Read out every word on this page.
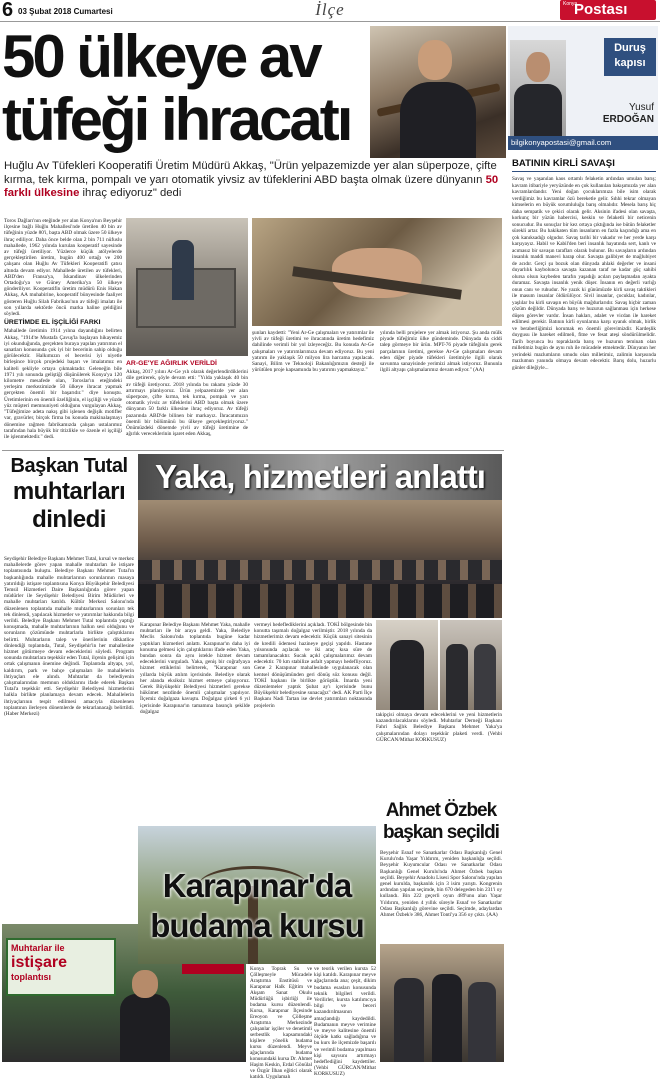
6 03 Şubat 2018 Cumartesi	İlçe	Konya
Postası
50 ülkeye av
tüfeği ihracatı
Huğlu Av Tüfekleri Kooperatifi Üretim Müdürü Akkaş, "Ürün yelpazemizde yer alan süperpoze, çifte kırma, tek kırma, pompalı ve yarı otomatik yivsiz av tüfeklerini ABD başta olmak üzere dünyanın 50 farklı ülkesine ihraç ediyoruz" dedi

Toros Dağları'nın eteğinde yer alan Konya'nın Beyşehir ilçesine bağlı Huğlu Mahallesi'nde üretilen 40 bin av tüfeğinin yüzde 80'i, başta ABD olmak üzere 50 ülkeye ihraç ediliyor. Daha önce belde olan 2 bin 711 nüfuslu mahallede, 1962 yılında kurulan kooperatif sayesinde av tüfeği üretiliyor. Yüzlerce küçük atölyelerde gerçekleştirilen üretim, bugün 400 ortağı ve 200 çalışanı olan Huğlu Av Tüfekleri Kooperatifi çatısı altında devam ediyor. Mahallede üretilen av tüfekleri, ABD'den Fransa'ya, İskandinav ülkelerinden Ortadoğu'ya ve Güney Amerika'ya 50 ülkeye gönderiliyor. Kooperatifin üretim müdürü Enis Hakan Akkaş, AA muhabirine, kooperatif bünyesinde faaliyet gösteren Huğlu Silah Fabrikası'nın av tüfeği imalatı ile son yıllarda sektörde öncü marka haline geldiğini söyledi.

ÜRETİMDE EL İŞÇİLİĞİ FARKI

Mahallede üretimin 1914 yılına dayandığını belirten Akkaş, "1914'te Mustafa Çavuş'la başlayan hikayemiz iyi okunduğunda, gerçekten buraya yapılan yatırımın el sanatları konusunda çok iyi bir becerinin sahip olduğu görülecektir. Halkımızın el becerisi iyi niyetle birleşince birçok projedeki başarı ve imalatımız en kaliteli şekliyle ortaya çıkmaktadır. Geleneğin bile 1971 yılı sonunda geliştiği düşünülerek Konya'ya 120 kilometre mesafede olan, Toroslar'ın eteğindeki yerleşim merkezimizde 50 ülkeye ihracat yapmak gerçekten önemli bir başarıdır." diye konuştu. Üretimlerinin en önemli özelliğinin, el işçiliği ve yüzde yüz müşteri memnuniyeti olduğunu vurgulayan Akkaş, "Tüfeğimize adeta nakış gibi işlenen değişik motifler var, gravürler, birçok firma bu konuda makinalaşmayı dönemine rağmen fabrikamızda çalışan ustalarımız tarafından hala büyük bir titizlikle ve özenle el işçiliği ile işlenmektedir." dedi.

AR-GE'YE AĞIRLIK VERİLDİ

Akkaş, 2017 yılını Ar-Ge yılı olarak değerlendirdiklerini dile getirerek, şöyle devam etti: "Yılda yaklaşık 40 bin av tüfeği üretiyoruz. 2018 yılında bu rakamı yüzde 30 artırmayı planlıyoruz. Ürün yelpazemizde yer alan süperpoze, çifte kırma, tek kırma, pompalı ve yarı otomatik yivsiz av tüfeklerini ABD başta olmak üzere dünyanın 50 farklı ülkesine ihraç ediyoruz. Av tüfeği pazarında ABD'de bilinen bir markayız. İhracatımızın önemli bir bölümünü bu ülkeye gerçekleştiriyoruz." Önümüzdeki dönemde yivli av tüfeği üretimine de ağırlık vereceklerinin işaret eden Akkaş,

şunları kaydetti: "Yeni Ar-Ge çalışmaları ve yatırımlar ile yivli av tüfeği üretimi ve ihracatında üretim hedefimiz dahilinde verimli bir yol izleyeceğiz. Bu konuda Ar-Ge çalışmaları ve yatırımlarımıza devam ediyoruz. Bu yeni yatırım ile yaklaşık 50 milyon lira harcama yapılacak. Sanayi, Bilim ve Teknoloji Bakanlığımızın desteği ile yürütülen proje kapsamında bu yatırımı yapmaktayız."

yılında belli projelere yer almak istiyoruz. Şu anda mülk piyade tüfeğimiz ülke gündeminde. Dünyada da ciddi talep görmeye bir ürün. MPT-76 piyade tüfeğinin gerek parçalarının üretimi, gerekse Ar-Ge çalışmaları devam eden diğer piyade tüfekleri üretimiyle ilgili olarak savunma sanayisinde yerimizi almak istiyoruz. Bununla ilgili altyapı çalışmalarımız devam ediyor." (AA)

Duruş
kapısı
Yusuf
ERDOĞAN
bilgikonyapostasi@gmail.com
BATININ KİRLİ SAVAŞI
Savaş ve yaşanılan kaos ortamlı felaketin ardından umulan barış; kavram itibariyle yeryüzünde en çok kullanılan bakışımızda yer alan kavramlardandır. Yeni doğan çocuklarımıza bile isim olarak verdiğimiz bu kavramlar özü bereketle gelir. Sıhhi tekrar olmayan kimselerin en büyük sorumluluğu barış olmalıdır. Mesela barış hiç daha sempatik ve çekici olarak gelir. Aksinin ifadesi olan savaşta, korkunç bir yüzün habercisi, keskin ve felaketli bir neticenin sonucudur. Bu sonuçlar bir kez ortaya çıktığında ise bütün felaketler sürekli artar. Bu hakikaten tüm insanların en fazla kaçındığı ama en çok kanıksadığı olgudur. Savaş tarihi bir vakadır ve her yerde karşı karşıyayız. Habil ve Kabil'den beri insanlık hayatında sert, kanlı ve acımasız bir savaşın tarafları olarak bulunur. Bu savaşların ardından insanlık maddi manevi harap olur. Savaşta galibiyet de mağlubiyet de acıdır. Gerçi şu bozuk olan dünyada ahlaki değerler ve insani duyarlılık kaybolunca savaşta kazanan taraf ne kadar güç sahibi olursa olsun kaybeden tarafın yaşadığı acıları paylaşmadan ayakta duramaz. Savaşta insanlık yenik düşer. İnsanın en değerli varlığı onun canı ve ruhudur. Ne yazık ki günümüzde kirli savaş taktikleri ile masum insanlar öldürülüyor. Sivil insanlar, çocuklar, kadınlar, yaşlılar bu kirli savaşın en büyük mağdurlarıdır. Savaş hiçbir zaman çözüm değildir. Dünyada barış ve huzurun sağlanması için herkese düşen görevler vardır. İnsan hakları, adalet ve vicdan ile hareket edilmesi gerekir. Batının kirli oyunlarına karşı uyanık olmak, birlik ve beraberliğimizi korumak en önemli görevimizdir. Kardeşlik duygusu ile hareket edilmeli, fitne ve fesat ateşi söndürülmelidir. Tarih boyunca bu topraklarda barış ve huzurun teminatı olan milletimiz bugün de aynı ruh ile mücadele etmektedir. Dünyanın her yerindeki mazlumların umudu olan milletimiz, zalimin karşısında mazlumun yanında olmaya devam edecektir. Barış dolu, huzurlu günler dileğiyle...
Başkan Tutal
muhtarları
dinledi
Seydişehir Belediye Başkanı Mehmet Tutal, kırsal ve merkez mahallelerde görev yapan mahalle muhtarları ile istişare toplantısında buluştu. Belediye Başkanı Mehmet Tutal'ın başkanlığında mahalle muhtarlarının sorunlarının masaya yatırıldığı istişare toplantısına Konya Büyükşehir Belediyesi Temsil Hizmetleri Daire Başkanlığında görev yapan müdürler ile Seydişehir Belediyesi Birim Müdürleri ve mahalle muhtarları katıldı. Kültür Merkezi Salonu'nda düzenlenen toplantıda mahalle muhtarlarının sorunları tek tek dinlendi, yapılacak hizmetler ve yatırımlar hakkında bilgi verildi. Belediye Başkanı Mehmet Tutal toplantıda yaptığı konuşmada, mahalle muhtarlarının halkın sesi olduğunu ve sorunların çözümünde muhtarlarla birlikte çalıştıklarını belirtti. Muhtarların talep ve önerilerinin dikkatlice dinlendiği toplantıda, Tutal, Seydişehir'in her mahallesine hizmet götürmeye devam edeceklerini söyledi. Program sonunda muhtarlara teşekkür eden Tutal, ilçenin gelişimi için ortak çalışmanın önemine değindi. Toplantıda altyapı, yol, kaldırım, park ve bahçe çalışmaları ile mahallelerin ihtiyaçları ele alındı. Muhtarlar da belediyenin çalışmalarından memnun olduklarını ifade ederek Başkan Tutal'a teşekkür etti. Seydişehir Belediyesi hizmetlerini halkla birlikte planlamaya devam edecek. Mahallelerin ihtiyaçlarının tespit edilmesi amacıyla düzenlenen toplantının ilerleyen dönemlerde de tekrarlanacağı belirtildi. (Haber Merkezi)
Muhtarlar ile
istişare
toplantısı
Yaka, hizmetleri anlattı
Karapınar Belediye Başkanı Mehmet Yaka, mahalle muhtarları ile bir araya geldi. Yaka, Belediye Meclis Salonu'nda toplantıda bugüne kadar yaptıkları hizmetleri anlattı. Karapınar'ın daha iyi konuma gelmesi için çalıştıklarını ifade eden Yaka, bundan sonra da aynı istekle hizmet devam edeceklerini vurguladı. Yaka, geniş bir coğrafyaya hizmet ettiklerini belirterek, "Karapınar son yıllarda büyük atılım içerisinde. Belediye olarak her alanda eksiksiz hizmet etmeye çalışıyoruz. Gerek Büyükşehir Belediyesi hizmetleri gerekse hükümet nezdinde önemli çalışmalar yapılıyor. İlçemiz doğalgaza kavuştu. Doğalgaz şirketi 6 yıl içerisinde Karapınar'ın tamamına basınçlı şekilde doğalgaz
vermeyi hedeflediklerini açıkladı. TOKİ bölgesinde bin konutta taşımalı doğalgaz verilmiştir. 2018 yılında da hizmetlerimiz devam edecektir. Küçük sanayi sitesinin de kredili ödemesi hazineye geçişi yapıldı. Hastane yılsonunda açılacak ve iki araç kısa süre de tamamlanacaktır. Sucak açıkl çalışmalarımız devam edecektir. 70 km stabilize asfalt yapmayı hedefliyoruz. Gene 2 Karapınar mahallesinde uygulanacak olan kentsel dönüşümünden geri dönüş söz konusu değil. TOKİ başkanı ile birlikte görüştük. İmarda yeni düzenlemeler yaptık Şubat ay'ı içerisinde bunu Büyükşehir belediyesine sunacağız" dedi. AK Parti İlçe Başkanı Nadi Tartan ise devlet yatırımları noktasında projelerin
takipçisi olmaya devam edeceklerini ve yeni hizmetlerin kazandırılacaklarını söyledi. Muhtarlar Derneği Başkanı Fahri Sağlık Belediye Başkanı Mehmet Yaka'ya çalışmalarından dolayı teşekkür plaketi verdi. (Vehbi GÜRCAN/Mithat KORKUSUZ)
Ahmet Özbek
başkan seçildi
Beyşehir Esnaf ve Sanatkarlar Odası Başkanlığı Genel Kurulu'nda Yaşar Yıldırım, yeniden başkanlığa seçildi. Beyşehir Kuyumcular Odası ve Sanatkarlar Odası Başkanlığı Genel Kurulu'nda Ahmet Özbek başkan seçildi. Beyşehir Anadolu Lisesi Spor Salonu'nda yapılan genel kurulda, başkanlık için 3 isim yarıştı. Kongrenin ardından yapılan seçimde, bin 670 delegeden bin 231'i oy kullandı. Bin 222 geçerli oyun 489'unu alan Yaşar Yıldırım, yeniden 4 yıllık süreyle Esnaf ve Sanatkarlar Odası Başkanlığı görevine seçildi. Seçimde, adaylardan Ahmet Özbek'e 386, Ahmet Tonti'ya 356 oy çıktı. (AA)
Karapınar'da
budama kursu
Konya Toprak Su ve Çölleşmeyle Mücadele Araştırma Enstitüsü ve Karapınar Halk Eğitim ve Akşam Sanat Okulu Müdürlüğü işbirliği ile budama kursu düzenlendi. Kursa, Karapınar İlçesinde Ereoyon ve Çölleşme Araştırma Merkezinde çalışanlar işçiler ve denetimli serbestlik kapsamındaki kişilere yönelik budama kursu düzenlendi. Meyve ağaçlarında budama konusundaki kursa Dr. Ahmet Haşim Keskin, Erdal Gönülal ve Özgür İlhan eğitici olarak katıldı. Uygulamalı
ve teorik verilen kursta 52 kişi katıldı. Karapınar meyve ağaçlarında ana; çeşit, dikim budama esasları konusunda teknik bilgileri verildi. Verilirler, kursta katılımcıya bilgi ve beceri kazandırılmasının amaçlandığı kaydedildi. Budamanın meyve verimine ve meyve kalitesine önemli ölçüde katkı sağladığına ve bu kurs ile ilçemizde başarılı ve verimli budama yapılması kişi sayısını artırmayı hedeflediğini kaydettiler. (Vehbi GÜRCAN/Mithat KORKUSUZ)
